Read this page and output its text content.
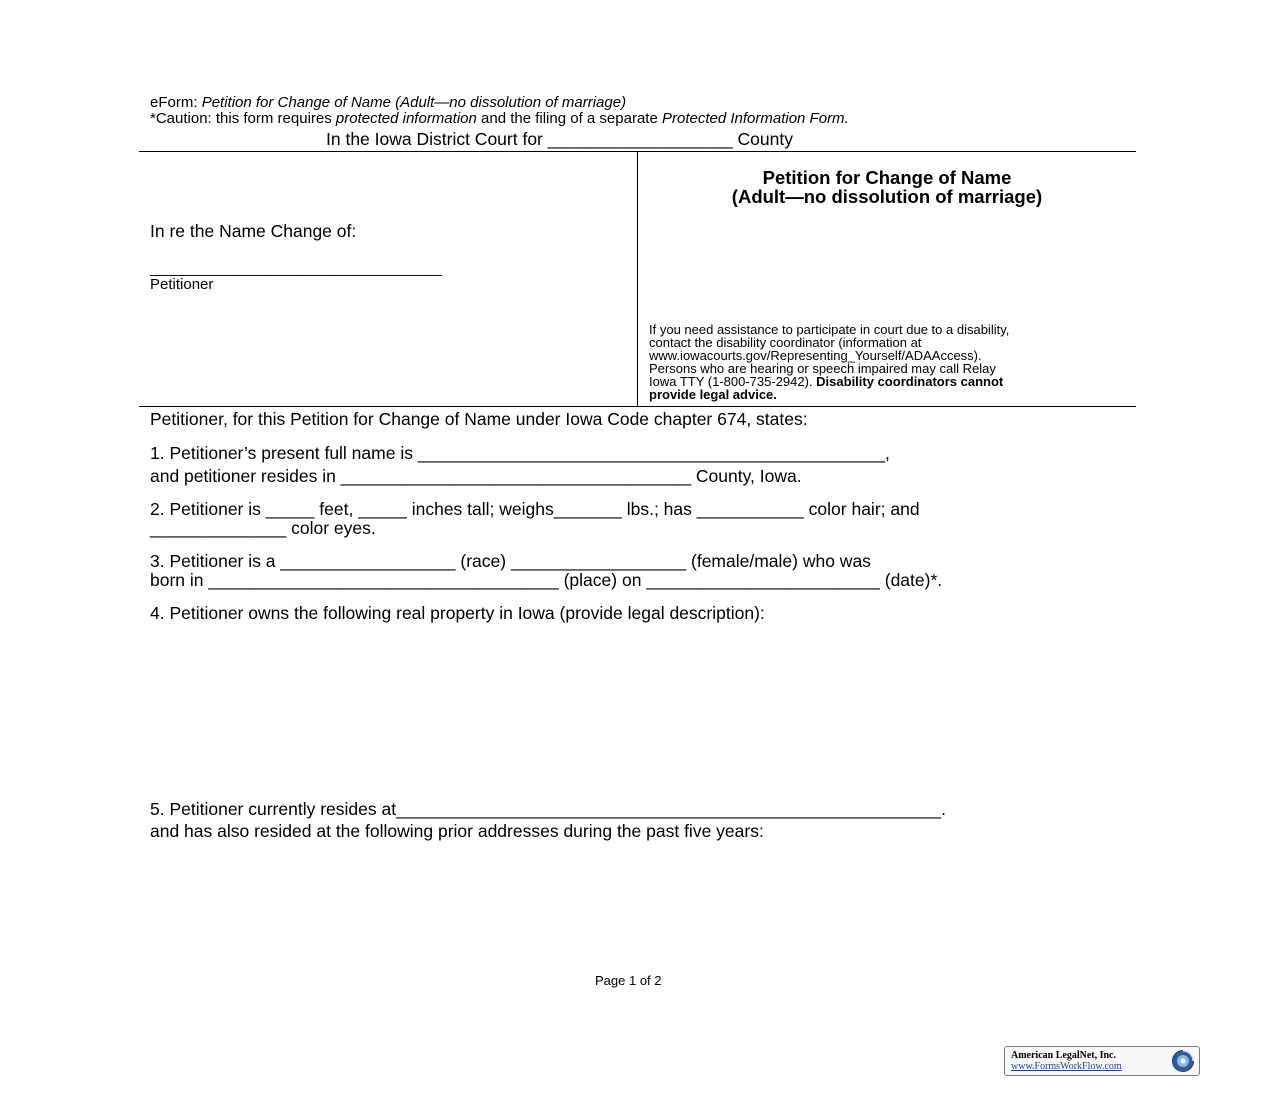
eForm: Petition for Change of Name (Adult—no dissolution of marriage)
*Caution: this form requires protected information and the filing of a separate Protected Information Form.
In the Iowa District Court for ___________________ County
In re the Name Change of:
___________________________________
Petitioner
Petition for Change of Name
(Adult—no dissolution of marriage)
If you need assistance to participate in court due to a disability,
contact the disability coordinator (information at
www.iowacourts.gov/Representing_Yourself/ADAAccess).
Persons who are hearing or speech impaired may call Relay
Iowa TTY (1-800-735-2942). Disability coordinators cannot
provide legal advice.
Petitioner, for this Petition for Change of Name under Iowa Code chapter 674, states:
1. Petitioner’s present full name is ________________________________________________,
and petitioner resides in ____________________________________ County, Iowa.
2. Petitioner is _____ feet, _____ inches tall; weighs_______ lbs.; has ___________ color hair; and
______________ color eyes.
3. Petitioner is a __________________ (race) __________________ (female/male) who was
born in ____________________________________ (place) on ________________________ (date)*.
4. Petitioner owns the following real property in Iowa (provide legal description):
5. Petitioner currently resides at________________________________________________________.
and has also resided at the following prior addresses during the past five years:
Page 1 of 2
American LegalNet, Inc.
www.FormsWorkFlow.com
